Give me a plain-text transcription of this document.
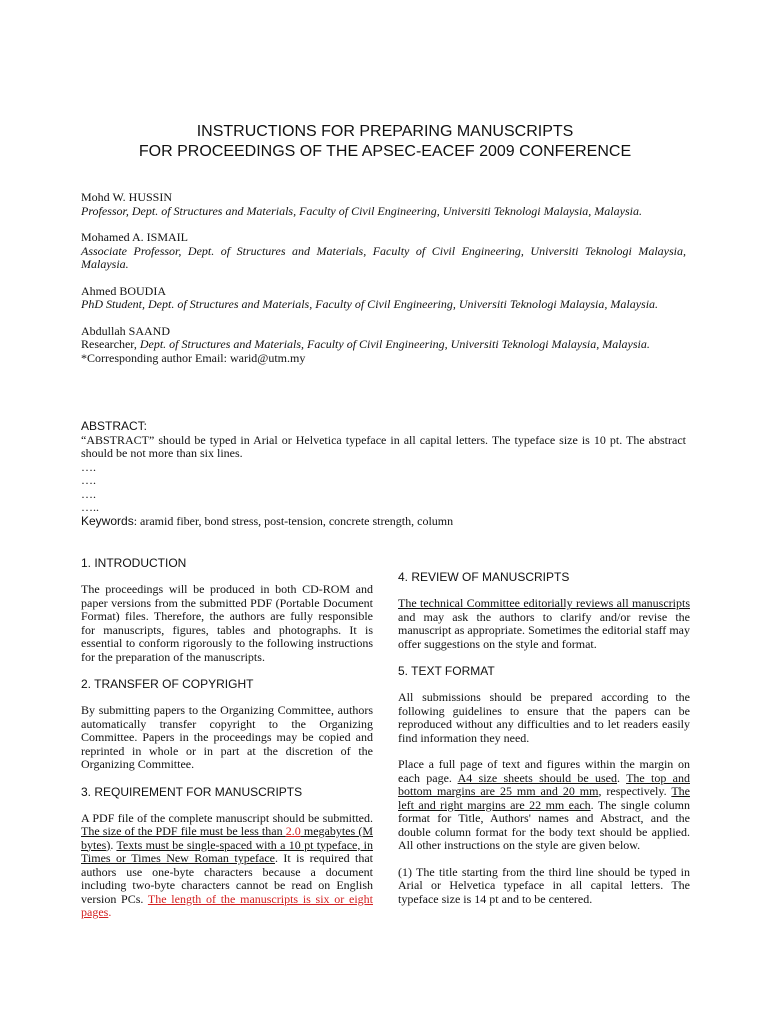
INSTRUCTIONS FOR PREPARING MANUSCRIPTS
FOR PROCEEDINGS OF THE APSEC-EACEF 2009 CONFERENCE
Mohd W. HUSSIN
Professor, Dept. of Structures and Materials, Faculty of Civil Engineering, Universiti Teknologi Malaysia, Malaysia.
Mohamed A. ISMAIL
Associate Professor, Dept. of Structures and Materials, Faculty of Civil Engineering, Universiti Teknologi Malaysia, Malaysia.
Ahmed BOUDIA
PhD Student, Dept. of Structures and Materials, Faculty of Civil Engineering, Universiti Teknologi Malaysia, Malaysia.
Abdullah SAAND
Researcher, Dept. of Structures and Materials, Faculty of Civil Engineering, Universiti Teknologi Malaysia, Malaysia.
*Corresponding author Email: warid@utm.my
ABSTRACT:
“ABSTRACT” should be typed in Arial or Helvetica typeface in all capital letters. The typeface size is 10 pt. The abstract should be not more than six lines.
….
….
….
…..
Keywords: aramid fiber, bond stress, post-tension, concrete strength, column
1. INTRODUCTION

The proceedings will be produced in both CD-ROM and paper versions from the submitted PDF (Portable Document Format) files. Therefore, the authors are fully responsible for manuscripts, figures, tables and photographs. It is essential to conform rigorously to the following instructions for the preparation of the manuscripts.

2. TRANSFER OF COPYRIGHT

By submitting papers to the Organizing Committee, authors automatically transfer copyright to the Organizing Committee. Papers in the proceedings may be copied and reprinted in whole or in part at the discretion of the Organizing Committee.

3. REQUIREMENT FOR MANUSCRIPTS

A PDF file of the complete manuscript should be submitted. The size of the PDF file must be less than 2.0 megabytes (M bytes). Texts must be single-spaced with a 10 pt typeface, in Times or Times New Roman typeface. It is required that authors use one-byte characters because a document including two-byte characters cannot be read on English version PCs. The length of the manuscripts is six or eight pages.

4. REVIEW OF MANUSCRIPTS

The technical Committee editorially reviews all manuscripts and may ask the authors to clarify and/or revise the manuscript as appropriate. Sometimes the editorial staff may offer suggestions on the style and format.

5. TEXT FORMAT

All submissions should be prepared according to the following guidelines to ensure that the papers can be reproduced without any difficulties and to let readers easily find information they need.

Place a full page of text and figures within the margin on each page. A4 size sheets should be used. The top and bottom margins are 25 mm and 20 mm, respectively. The left and right margins are 22 mm each. The single column format for Title, Authors' names and Abstract, and the double column format for the body text should be applied. All other instructions on the style are given below.

(1) The title starting from the third line should be typed in Arial or Helvetica typeface in all capital letters. The typeface size is 14 pt and to be centered.
